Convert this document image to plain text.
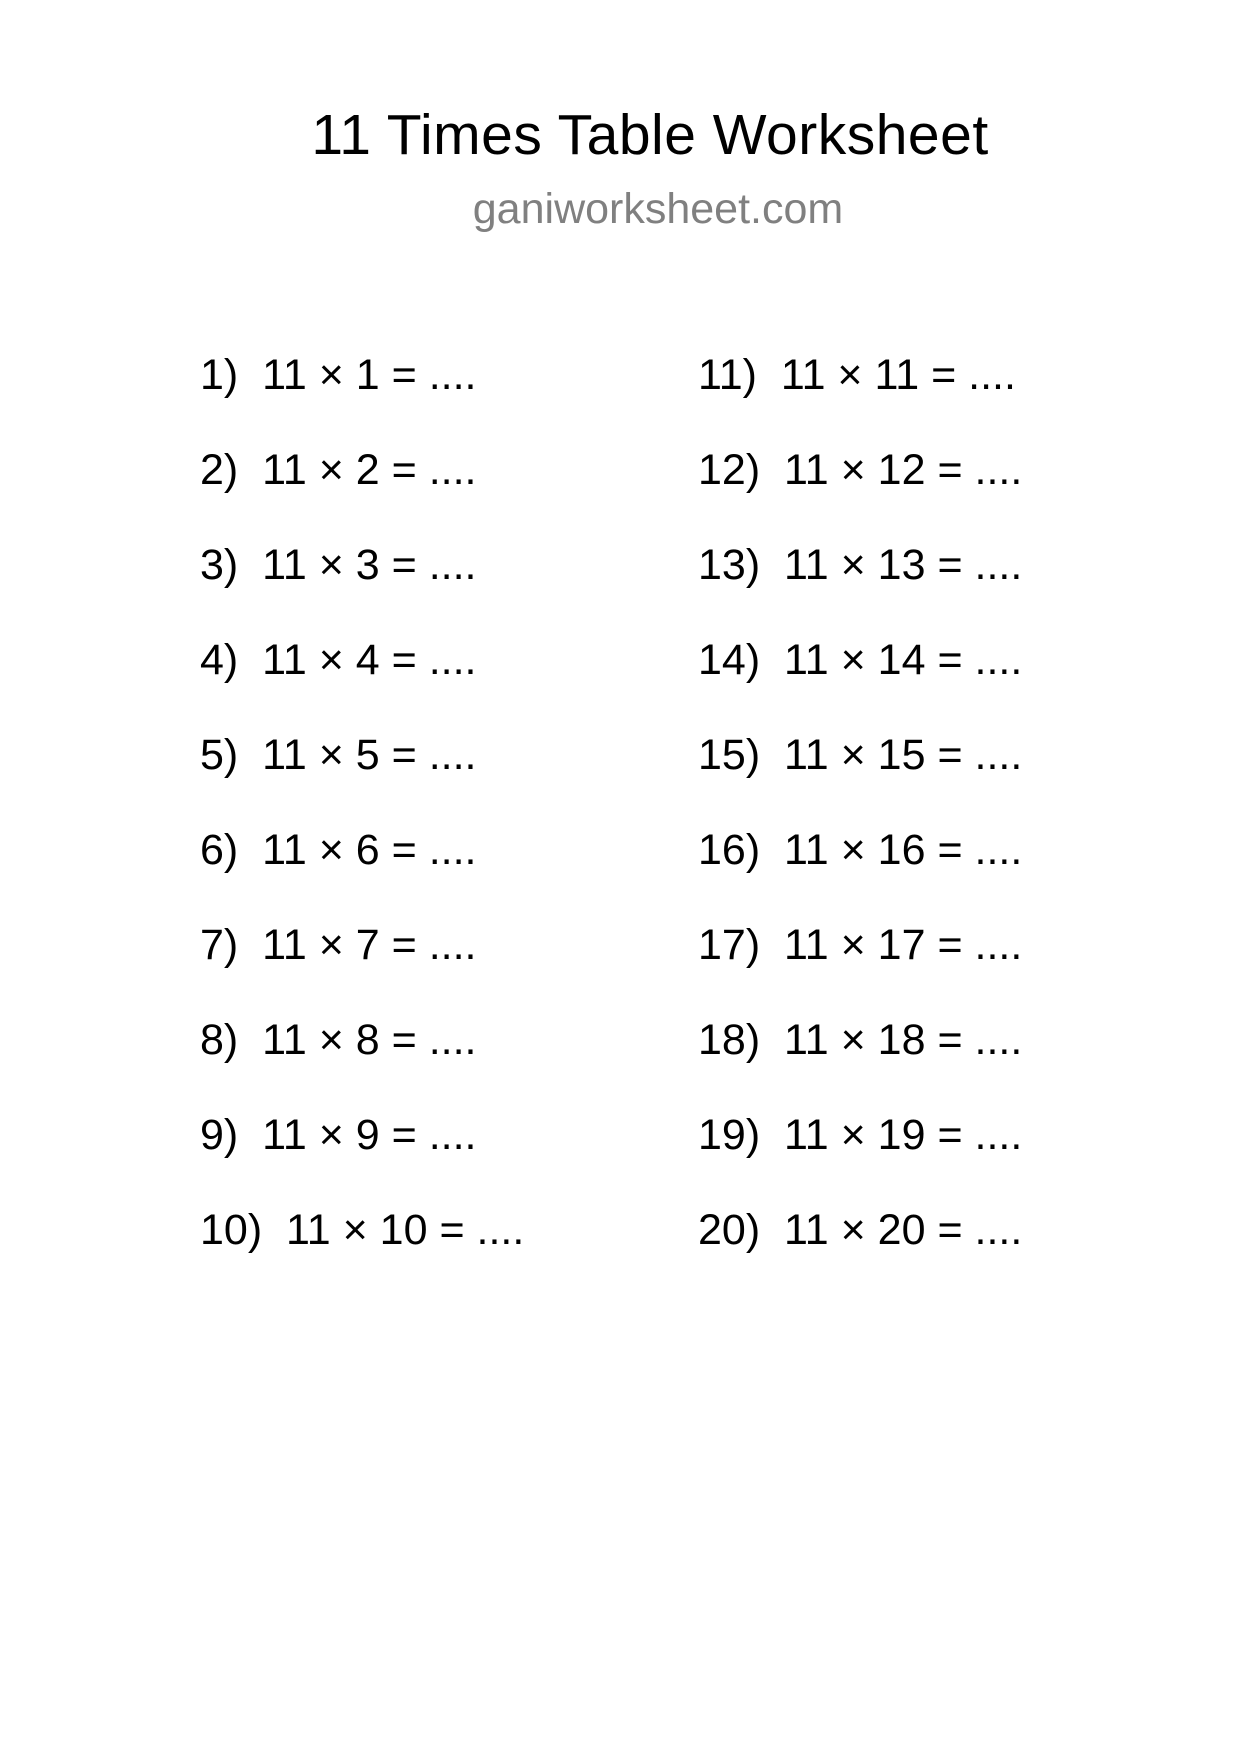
11 Times Table Worksheet

ganiworksheet.com

1)  11 × 1 = ....
2)  11 × 2 = ....
3)  11 × 3 = ....
4)  11 × 4 = ....
5)  11 × 5 = ....
6)  11 × 6 = ....
7)  11 × 7 = ....
8)  11 × 8 = ....
9)  11 × 9 = ....
10)  11 × 10 = ....
11)  11 × 11 = ....
12)  11 × 12 = ....
13)  11 × 13 = ....
14)  11 × 14 = ....
15)  11 × 15 = ....
16)  11 × 16 = ....
17)  11 × 17 = ....
18)  11 × 18 = ....
19)  11 × 19 = ....
20)  11 × 20 = ....
